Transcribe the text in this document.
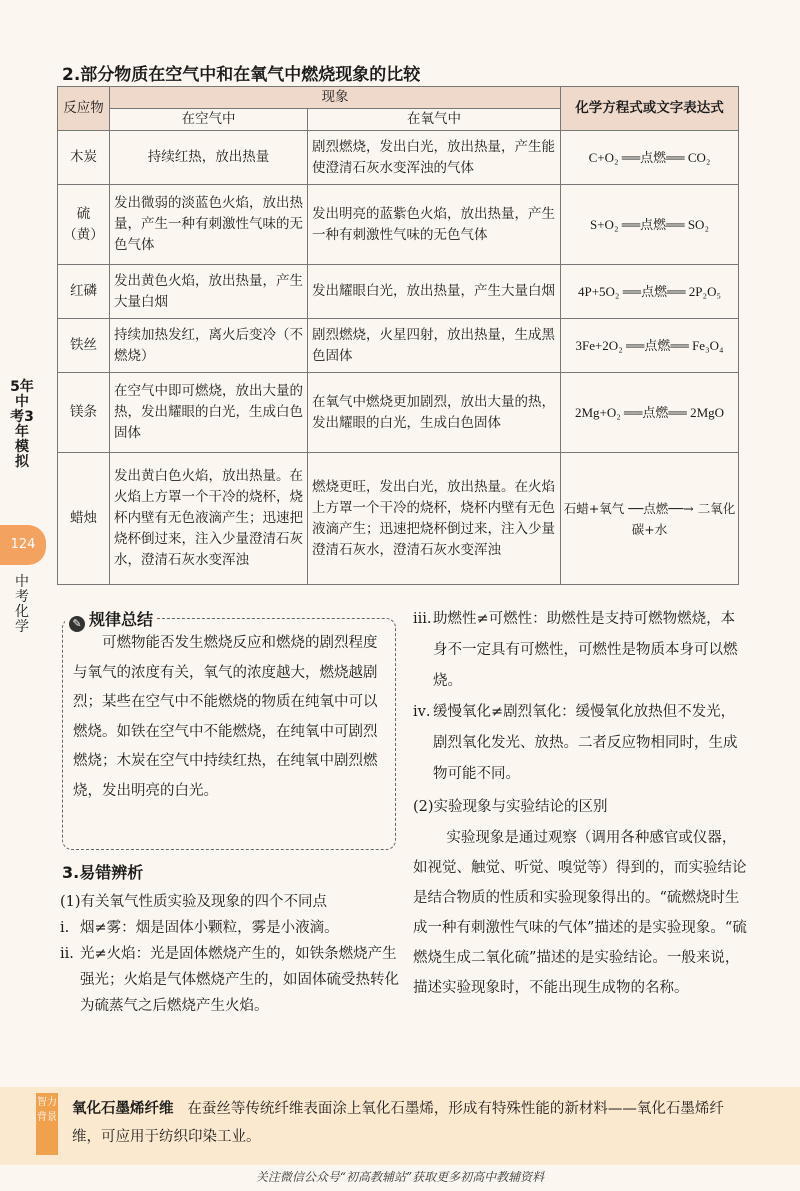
2.部分物质在空气中和在氧气中燃烧现象的比较
反应物	现象		化学方程式或文字表达式
	在空气中	在氧气中	
木炭	持续红热，放出热量	剧烈燃烧，发出白光，放出热量，产生能使澄清石灰水变浑浊的气体	C+O₂ ══点燃══ CO₂
硫（黄）	发出微弱的淡蓝色火焰，放出热量，产生一种有刺激性气味的无色气体	发出明亮的蓝紫色火焰，放出热量，产生一种有刺激性气味的无色气体	S+O₂ ══点燃══ SO₂
红磷	发出黄色火焰，放出热量，产生大量白烟	发出耀眼白光，放出热量，产生大量白烟	4P+5O₂ ══点燃══ 2P₂O₅
铁丝	持续加热发红，离火后变冷（不燃烧）	剧烈燃烧，火星四射，放出热量，生成黑色固体	3Fe+2O₂ ══点燃══ Fe₃O₄
镁条	在空气中即可燃烧，放出大量的热，发出耀眼的白光，生成白色固体	在氧气中燃烧更加剧烈，放出大量的热，发出耀眼的白光，生成白色固体	2Mg+O₂ ══点燃══ 2MgO
蜡烛	发出黄白色火焰，放出热量。在火焰上方罩一个干冷的烧杯，烧杯内壁有无色液滴产生；迅速把烧杯倒过来，注入少量澄清石灰水，澄清石灰水变浑浊	燃烧更旺，发出白光，放出热量。在火焰上方罩一个干冷的烧杯，烧杯内壁有无色液滴产生；迅速把烧杯倒过来，注入少量澄清石灰水，澄清石灰水变浑浊	石蜡+氧气 ──点燃──→ 二氧化碳+水
5年中考3年模拟
124
中考化学	✎ 规律总结
可燃物能否发生燃烧反应和燃烧的剧烈程度与氧气的浓度有关，氧气的浓度越大，燃烧越剧烈；某些在空气中不能燃烧的物质在纯氧中可以燃烧。如铁在空气中不能燃烧，在纯氧中可剧烈燃烧；木炭在空气中持续红热，在纯氧中剧烈燃烧，发出明亮的白光。
3.易错辨析
(1)有关氧气性质实验及现象的四个不同点
ⅰ. 烟≠雾：烟是固体小颗粒，雾是小液滴。
ⅱ. 光≠火焰：光是固体燃烧产生的，如铁条燃烧产生强光；火焰是气体燃烧产生的，如固体硫受热转化为硫蒸气之后燃烧产生火焰。
ⅲ. 助燃性≠可燃性：助燃性是支持可燃物燃烧，本身不一定具有可燃性，可燃性是物质本身可以燃烧。
ⅳ. 缓慢氧化≠剧烈氧化：缓慢氧化放热但不发光，剧烈氧化发光、放热。二者反应物相同时，生成物可能不同。
(2)实验现象与实验结论的区别
实验现象是通过观察（调用各种感官或仪器，如视觉、触觉、听觉、嗅觉等）得到的，而实验结论是结合物质的性质和实验现象得出的。“硫燃烧时生成一种有刺激性气味的气体”描述的是实验现象。“硫燃烧生成二氧化硫”描述的是实验结论。一般来说，描述实验现象时，不能出现生成物的名称。
智力背景
氧化石墨烯纤维 在蚕丝等传统纤维表面涂上氧化石墨烯，形成有特殊性能的新材料——氧化石墨烯纤维，可应用于纺织印染工业。
关注微信公众号“初高教辅站”获取更多初高中教辅资料
